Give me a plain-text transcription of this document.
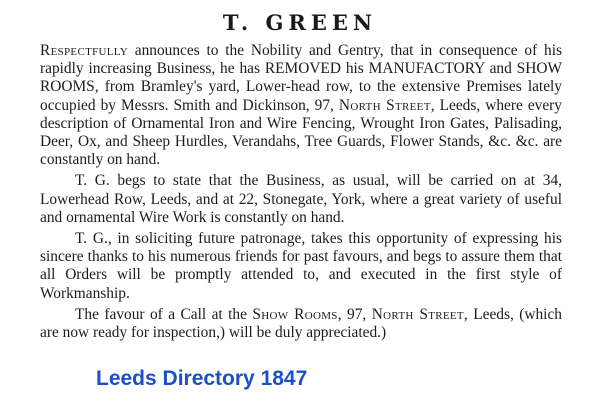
T. GREEN

Respectfully announces to the Nobility and Gentry, that in consequence of his rapidly increasing Business, he has REMOVED his MANUFACTORY and SHOW ROOMS, from Bramley's yard, Lower-head row, to the extensive Premises lately occupied by Messrs. Smith and Dickinson, 97, North Street, Leeds, where every description of Ornamental Iron and Wire Fencing, Wrought Iron Gates, Palisading, Deer, Ox, and Sheep Hurdles, Verandahs, Tree Guards, Flower Stands, &c. &c. are constantly on hand.

T. G. begs to state that the Business, as usual, will be carried on at 34, Lowerhead Row, Leeds, and at 22, Stonegate, York, where a great variety of useful and ornamental Wire Work is constantly on hand.

T. G., in soliciting future patronage, takes this opportunity of expressing his sincere thanks to his numerous friends for past favours, and begs to assure them that all Orders will be promptly attended to, and executed in the first style of Workmanship.

The favour of a Call at the Show Rooms, 97, North Street, Leeds, (which are now ready for inspection,) will be duly appreciated.)

Leeds Directory 1847
